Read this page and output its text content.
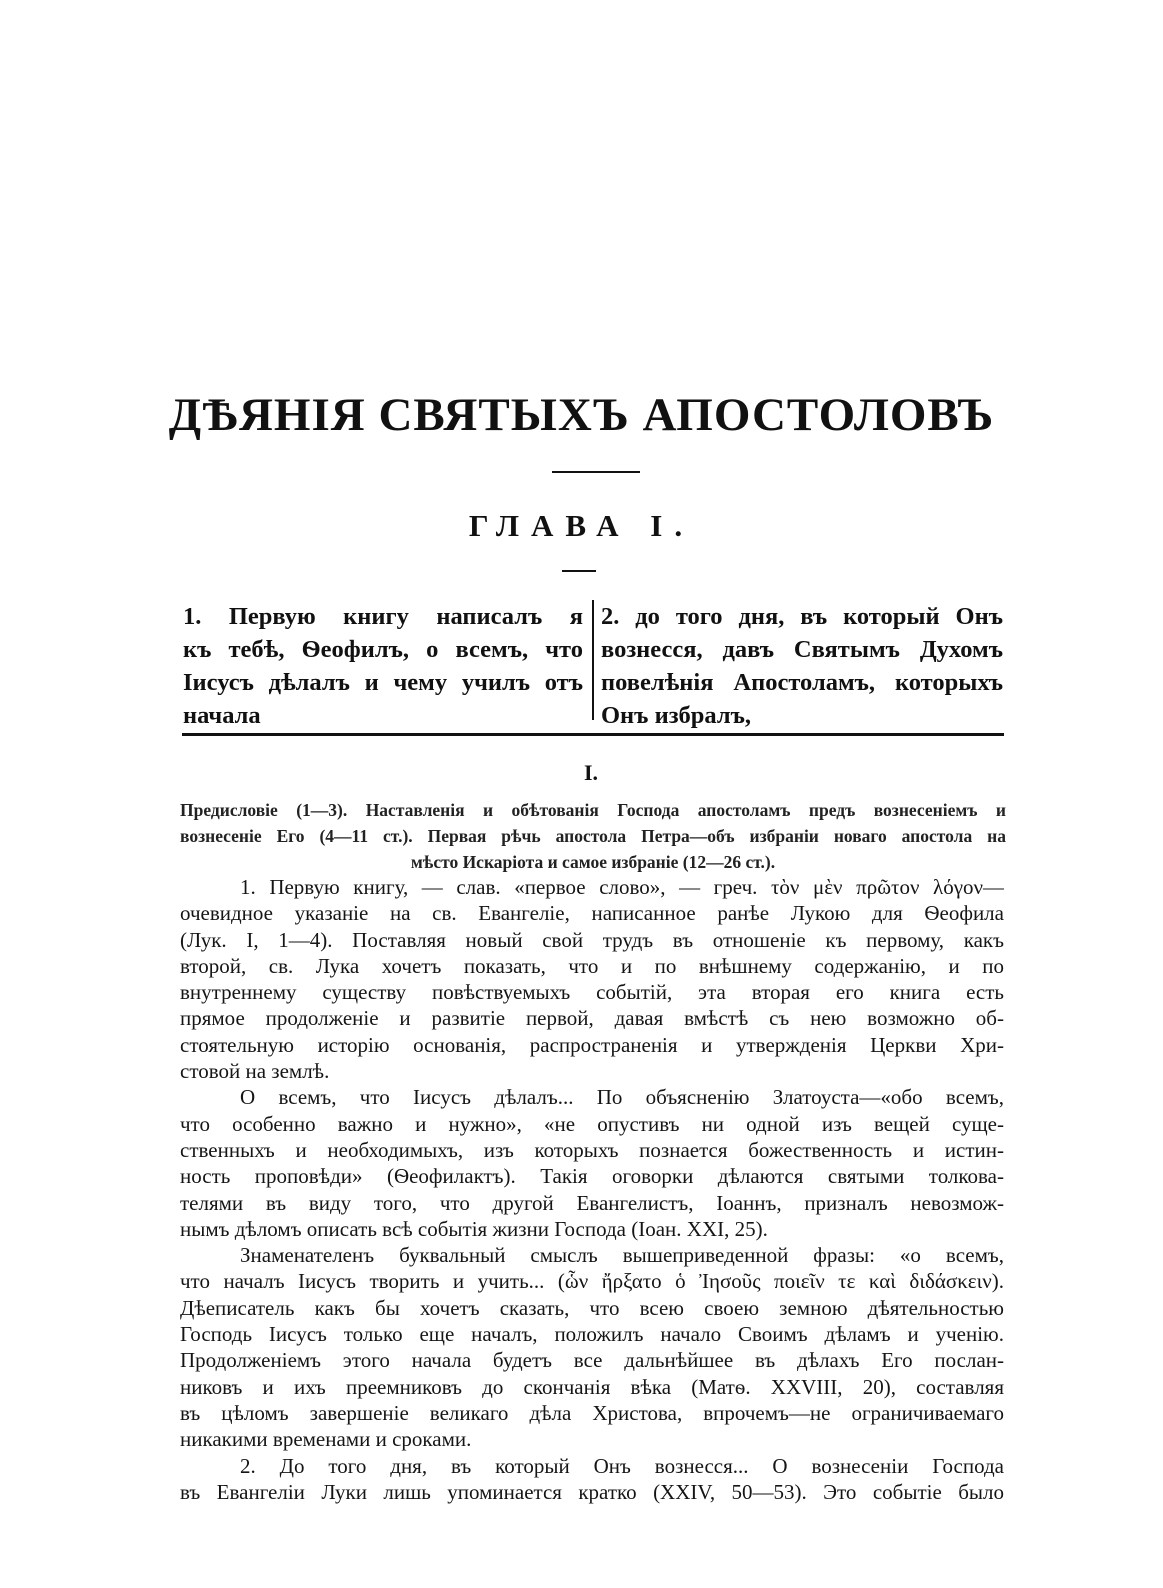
ДѢЯНІЯ СВЯТЫХЪ АПОСТОЛОВЪ
ГЛАВА I.
1. Первую книгу написалъ я
къ тебѣ, Ѳеофилъ, о всемъ, что
Іисусъ дѣлалъ и чему училъ отъ
начала
2. до того дня, въ который Онъ
вознесся, давъ Святымъ Духомъ
повелѣнія Апостоламъ, которыхъ
Онъ избралъ,
I.
Предисловіе (1—3). Наставленія и обѣтованія Господа апостоламъ предъ вознесеніемъ и
вознесеніе Его (4—11 ст.). Первая рѣчь апостола Петра—объ избраніи новаго апостола на
мѣсто Искаріота и самое избраніе (12—26 ст.).
1. Первую книгу, — слав. «первое слово», — греч. τὸν μὲν πρῶτον λόγον—
очевидное указаніе на св. Евангеліе, написанное ранѣе Лукою для Ѳеофила
(Лук. I, 1—4). Поставляя новый свой трудъ въ отношеніе къ первому, какъ
второй, св. Лука хочетъ показать, что и по внѣшнему содержанію, и по
внутреннему существу повѣствуемыхъ событій, эта вторая его книга есть
прямое продолженіе и развитіе первой, давая вмѣстѣ съ нею возможно об-
стоятельную исторію основанія, распространенія и утвержденія Церкви Хри-
стовой на землѣ.
О всемъ, что Іисусъ дѣлалъ... По объясненію Златоуста—«обо всемъ,
что особенно важно и нужно», «не опустивъ ни одной изъ вещей суще-
ственныхъ и необходимыхъ, изъ которыхъ познается божественность и истин-
ность проповѣди» (Ѳеофилактъ). Такія оговорки дѣлаются святыми толкова-
телями въ виду того, что другой Евангелистъ, Іоаннъ, призналъ невозмож-
нымъ дѣломъ описать всѣ событія жизни Господа (Іоан. XXI, 25).
Знаменателенъ буквальный смыслъ вышеприведенной фразы: «о всемъ,
что началъ Іисусъ творить и учить... (ὧν ἤρξατο ὁ Ἰησοῦς ποιεῖν τε καὶ διδάσκειν).
Дѣеписатель какъ бы хочетъ сказать, что всею своею земною дѣятельностью
Господь Іисусъ только еще началъ, положилъ начало Своимъ дѣламъ и ученію.
Продолженіемъ этого начала будетъ все дальнѣйшее въ дѣлахъ Его послан-
никовъ и ихъ преемниковъ до скончанія вѣка (Матѳ. XXVIII, 20), составляя
въ цѣломъ завершеніе великаго дѣла Христова, впрочемъ—не ограничиваемаго
никакими временами и сроками.
2. До того дня, въ который Онъ вознесся... О вознесеніи Господа
въ Евангеліи Луки лишь упоминается кратко (XXIV, 50—53). Это событіе было
